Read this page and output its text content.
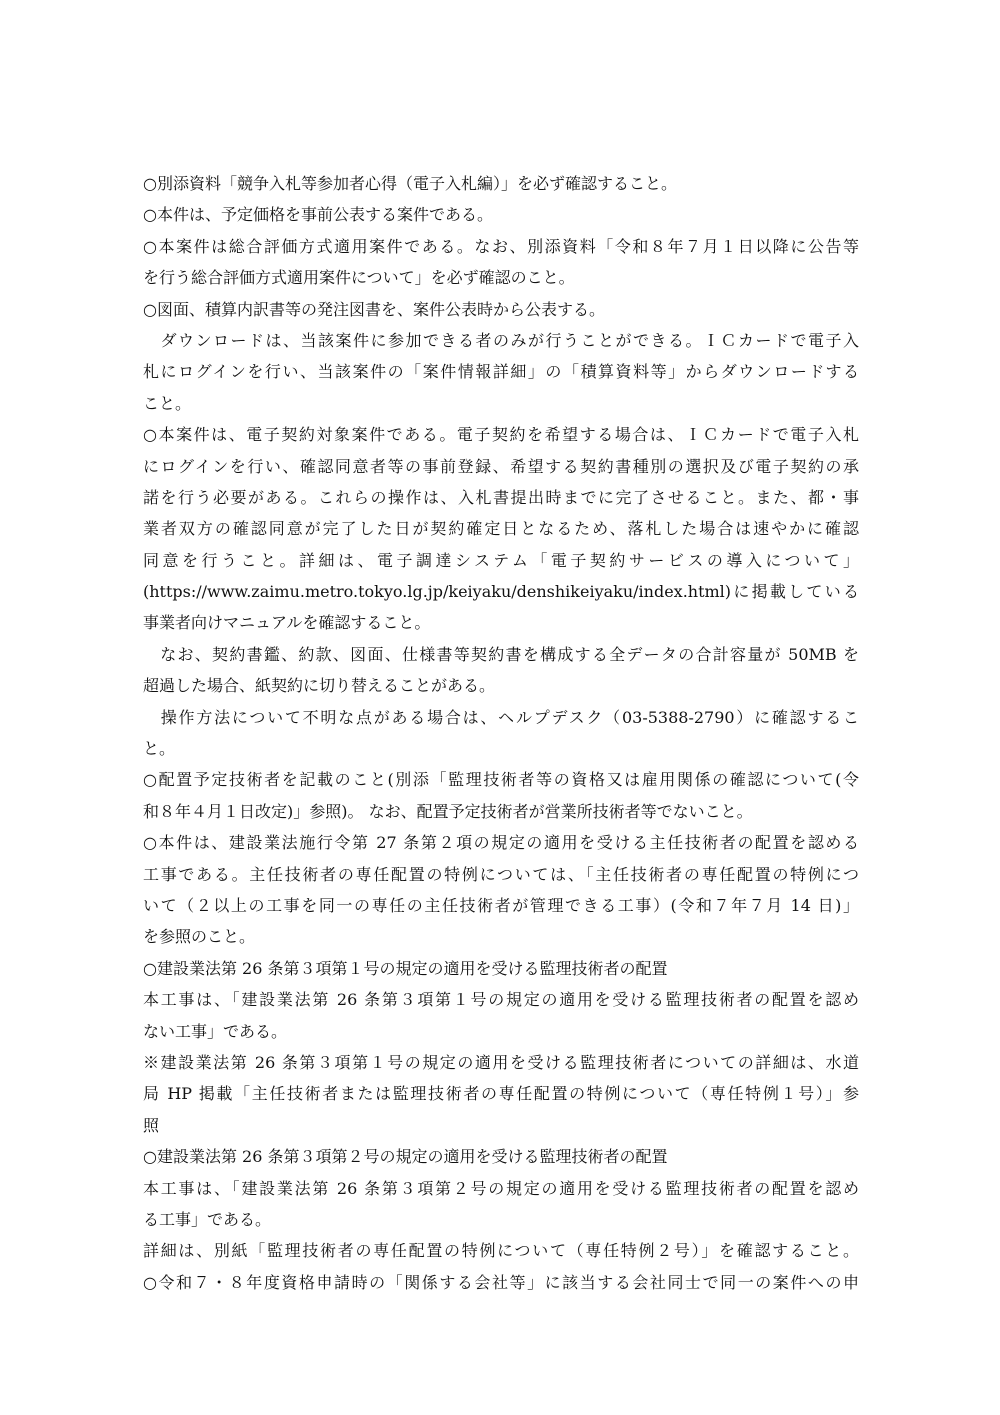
○別添資料「競争入札等参加者心得（電子入札編）」を必ず確認すること。
○本件は、予定価格を事前公表する案件である。
○本案件は総合評価方式適用案件である。なお、別添資料「令和８年７月１日以降に公告等
を行う総合評価方式適用案件について」を必ず確認のこと。
○図面、積算内訳書等の発注図書を、案件公表時から公表する。
　ダウンロードは、当該案件に参加できる者のみが行うことができる。ＩＣカードで電子入
札にログインを行い、当該案件の「案件情報詳細」の「積算資料等」からダウンロードする
こと。
○本案件は、電子契約対象案件である。電子契約を希望する場合は、ＩＣカードで電子入札
にログインを行い、確認同意者等の事前登録、希望する契約書種別の選択及び電子契約の承
諾を行う必要がある。これらの操作は、入札書提出時までに完了させること。また、都・事
業者双方の確認同意が完了した日が契約確定日となるため、落札した場合は速やかに確認
同意を行うこと。詳細は、電子調達システム「電子契約サービスの導入について」
(https://www.zaimu.metro.tokyo.lg.jp/keiyaku/denshikeiyaku/index.html)に掲載している
事業者向けマニュアルを確認すること。
　なお、契約書鑑、約款、図面、仕様書等契約書を構成する全データの合計容量が 50MB を
超過した場合、紙契約に切り替えることがある。
　操作方法について不明な点がある場合は、ヘルプデスク（03-5388-2790）に確認するこ
と。
○配置予定技術者を記載のこと(別添「監理技術者等の資格又は雇用関係の確認について(令
和８年４月１日改定)」参照)。 なお、配置予定技術者が営業所技術者等でないこと。
○本件は、建設業法施行令第 27 条第２項の規定の適用を受ける主任技術者の配置を認める
工事である。主任技術者の専任配置の特例については、「主任技術者の専任配置の特例につ
いて（２以上の工事を同一の専任の主任技術者が管理できる工事）(令和７年７月 14 日)」
を参照のこと。
○建設業法第 26 条第３項第１号の規定の適用を受ける監理技術者の配置
本工事は、「建設業法第 26 条第３項第１号の規定の適用を受ける監理技術者の配置を認め
ない工事」である。
※建設業法第 26 条第３項第１号の規定の適用を受ける監理技術者についての詳細は、水道
局 HP 掲載「主任技術者または監理技術者の専任配置の特例について（専任特例１号）」参
照
○建設業法第 26 条第３項第２号の規定の適用を受ける監理技術者の配置
本工事は、「建設業法第 26 条第３項第２号の規定の適用を受ける監理技術者の配置を認め
る工事」である。
詳細は、別紙「監理技術者の専任配置の特例について（専任特例２号）」を確認すること。
○令和７・８年度資格申請時の「関係する会社等」に該当する会社同士で同一の案件への申
